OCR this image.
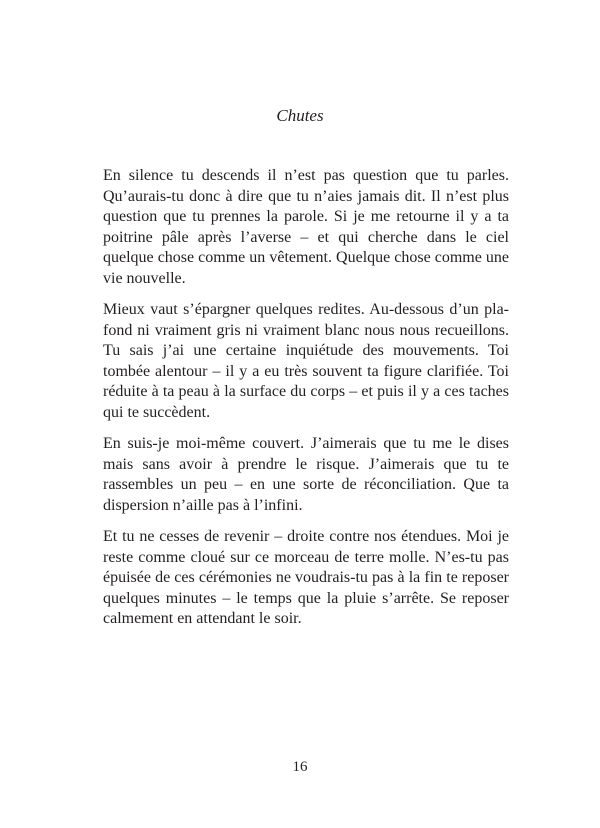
Chutes

En silence tu descends il n’est pas question que tu parles. Qu’aurais-tu donc à dire que tu n’aies jamais dit. Il n’est plus question que tu prennes la parole. Si je me retourne il y a ta poitrine pâle après l’averse – et qui cherche dans le ciel quelque chose comme un vêtement. Quelque chose comme une vie nouvelle.

Mieux vaut s’épargner quelques redites. Au-dessous d’un plafond ni vraiment gris ni vraiment blanc nous nous recueillons. Tu sais j’ai une certaine inquiétude des mouvements. Toi tombée alentour – il y a eu très souvent ta figure clarifiée. Toi réduite à ta peau à la surface du corps – et puis il y a ces taches qui te succèdent.

En suis-je moi-même couvert. J’aimerais que tu me le dises mais sans avoir à prendre le risque. J’aimerais que tu te rassembles un peu – en une sorte de réconciliation. Que ta dispersion n’aille pas à l’infini.

Et tu ne cesses de revenir – droite contre nos étendues. Moi je reste comme cloué sur ce morceau de terre molle. N’es-tu pas épuisée de ces cérémonies ne voudrais-tu pas à la fin te reposer quelques minutes – le temps que la pluie s’arrête. Se reposer calmement en attendant le soir.

16
